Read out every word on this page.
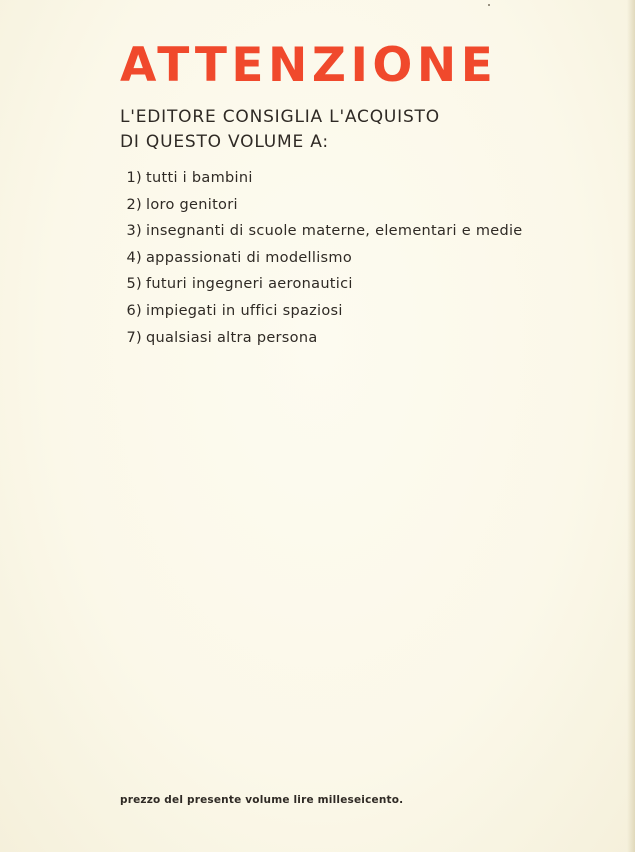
ATTENZIONE
L'EDITORE CONSIGLIA L'ACQUISTO
DI QUESTO VOLUME A:
1) tutti i bambini
2) loro genitori
3) insegnanti di scuole materne, elementari e medie
4) appassionati di modellismo
5) futuri ingegneri aeronautici
6) impiegati in uffici spaziosi
7) qualsiasi altra persona
prezzo del presente volume lire milleseicento.
